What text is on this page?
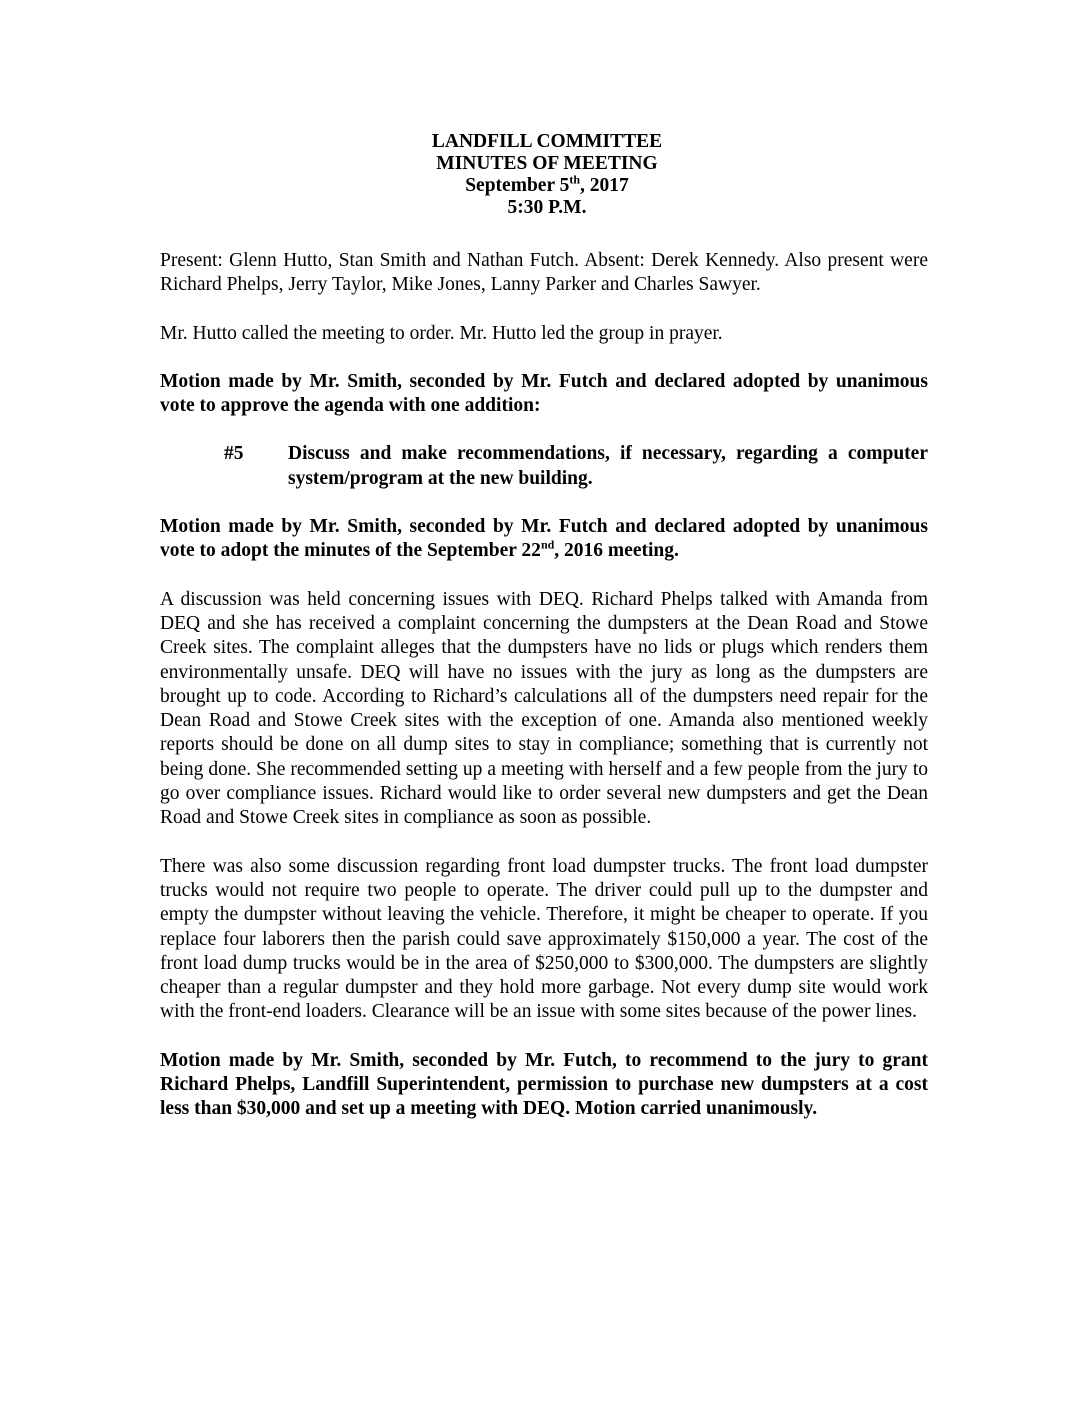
LANDFILL COMMITTEE
MINUTES OF MEETING
September 5th, 2017
5:30 P.M.

Present: Glenn Hutto, Stan Smith and Nathan Futch. Absent: Derek Kennedy. Also present were Richard Phelps, Jerry Taylor, Mike Jones, Lanny Parker and Charles Sawyer.

Mr. Hutto called the meeting to order. Mr. Hutto led the group in prayer.

Motion made by Mr. Smith, seconded by Mr. Futch and declared adopted by unanimous vote to approve the agenda with one addition:

#5	Discuss and make recommendations, if necessary, regarding a computer system/program at the new building.

Motion made by Mr. Smith, seconded by Mr. Futch and declared adopted by unanimous vote to adopt the minutes of the September 22nd, 2016 meeting.

A discussion was held concerning issues with DEQ. Richard Phelps talked with Amanda from DEQ and she has received a complaint concerning the dumpsters at the Dean Road and Stowe Creek sites. The complaint alleges that the dumpsters have no lids or plugs which renders them environmentally unsafe. DEQ will have no issues with the jury as long as the dumpsters are brought up to code. According to Richard’s calculations all of the dumpsters need repair for the Dean Road and Stowe Creek sites with the exception of one. Amanda also mentioned weekly reports should be done on all dump sites to stay in compliance; something that is currently not being done. She recommended setting up a meeting with herself and a few people from the jury to go over compliance issues. Richard would like to order several new dumpsters and get the Dean Road and Stowe Creek sites in compliance as soon as possible.

There was also some discussion regarding front load dumpster trucks. The front load dumpster trucks would not require two people to operate. The driver could pull up to the dumpster and empty the dumpster without leaving the vehicle. Therefore, it might be cheaper to operate. If you replace four laborers then the parish could save approximately $150,000 a year. The cost of the front load dump trucks would be in the area of $250,000 to $300,000. The dumpsters are slightly cheaper than a regular dumpster and they hold more garbage. Not every dump site would work with the front-end loaders. Clearance will be an issue with some sites because of the power lines.

Motion made by Mr. Smith, seconded by Mr. Futch, to recommend to the jury to grant Richard Phelps, Landfill Superintendent, permission to purchase new dumpsters at a cost less than $30,000 and set up a meeting with DEQ. Motion carried unanimously.
